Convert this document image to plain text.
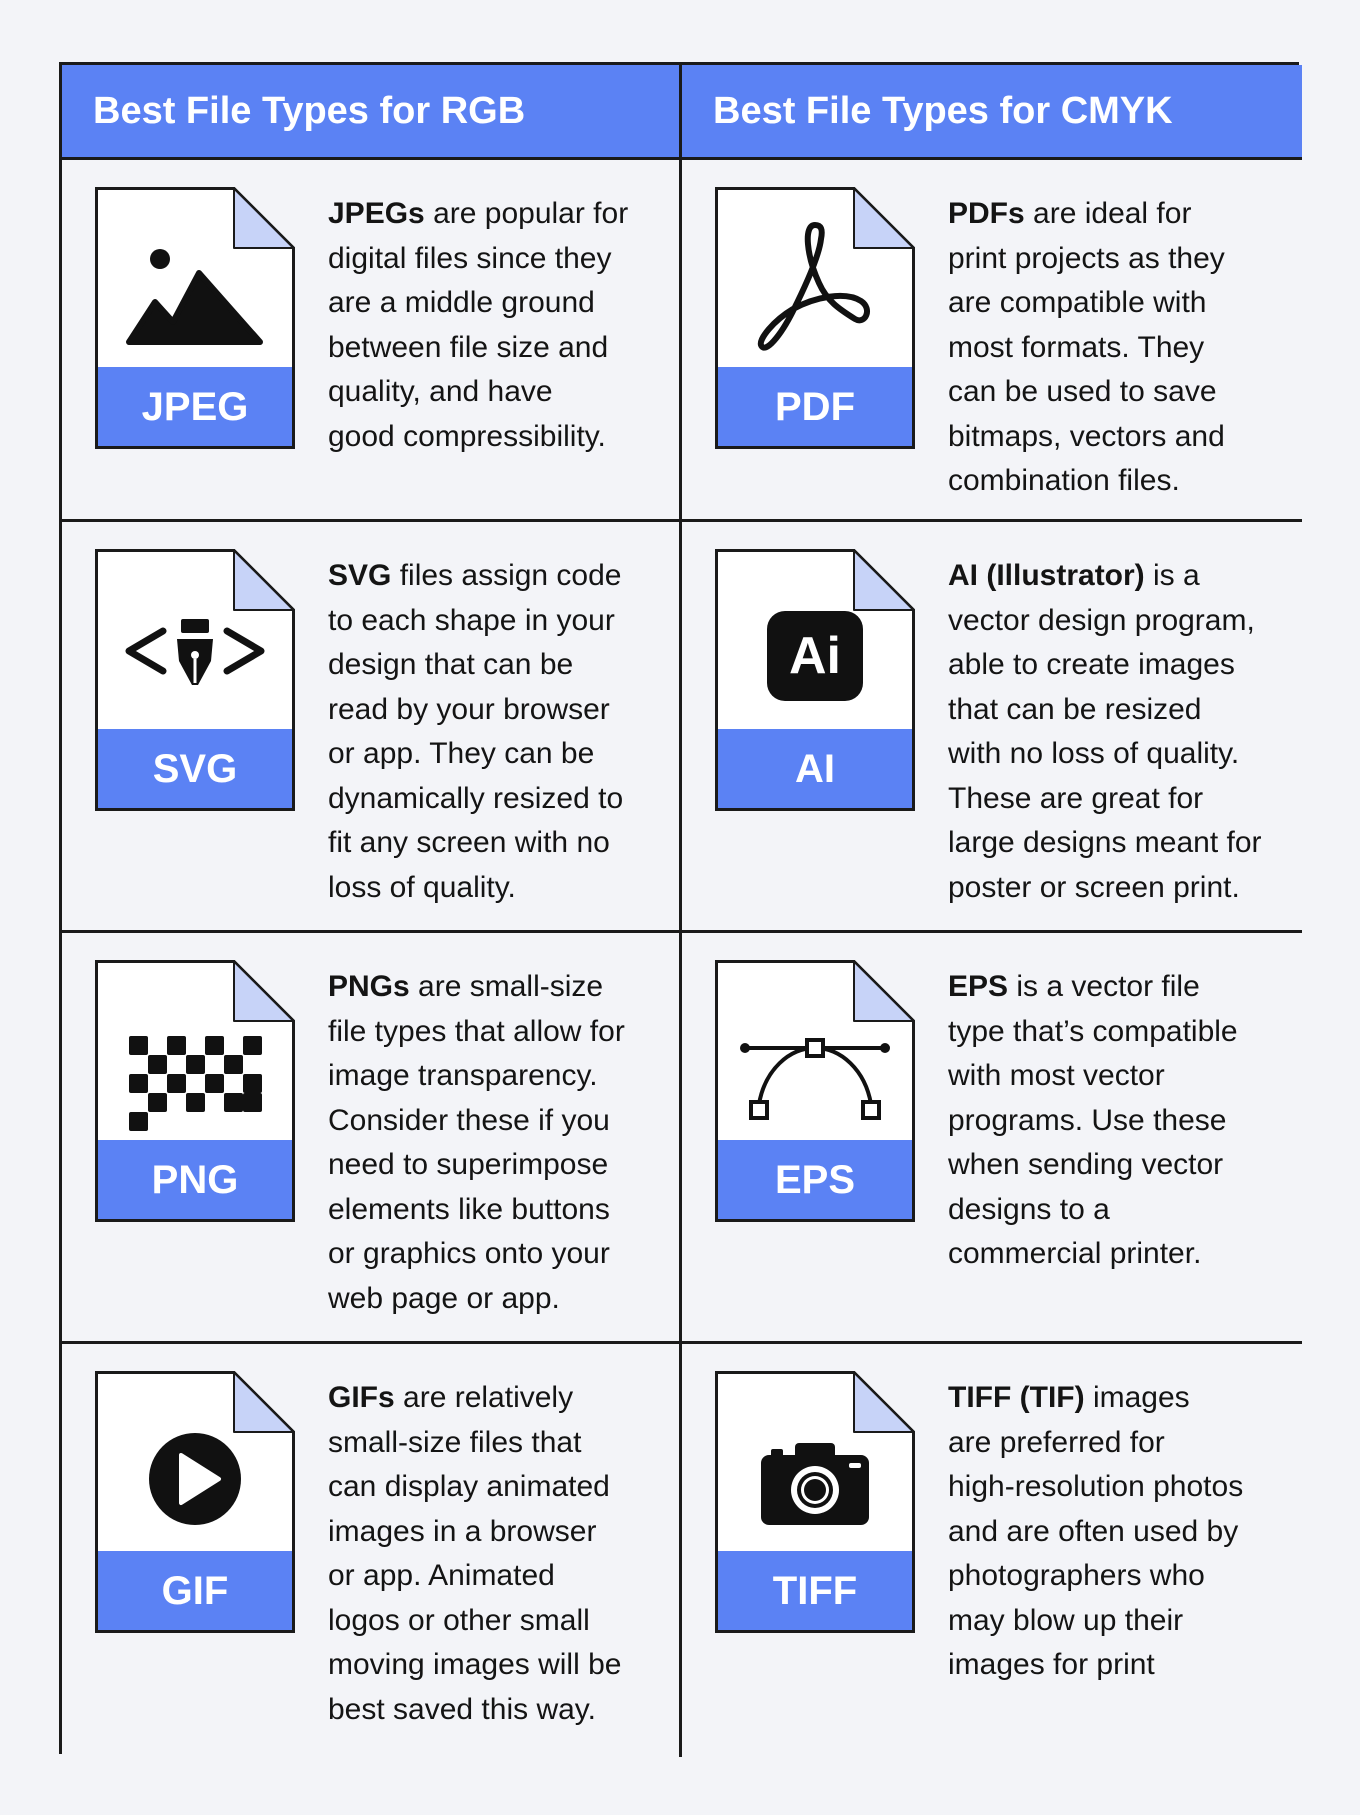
Best File Types for RGB	Best File Types for CMYK
JPEG

JPEGs are popular for
digital files since they
are a middle ground
between file size and
quality, and have
good compressibility.

PDF

PDFs are ideal for
print projects as they
are compatible with
most formats. They
can be used to save
bitmaps, vectors and
combination files.

SVG

SVG files assign code
to each shape in your
design that can be
read by your browser
or app. They can be
dynamically resized to
fit any screen with no
loss of quality.

Ai
AI

AI (Illustrator) is a
vector design program,
able to create images
that can be resized
with no loss of quality.
These are great for
large designs meant for
poster or screen print.

PNG

PNGs are small-size
file types that allow for
image transparency.
Consider these if you
need to superimpose
elements like buttons
or graphics onto your
web page or app.

EPS

EPS is a vector file
type that’s compatible
with most vector
programs. Use these
when sending vector
designs to a
commercial printer.

GIF

GIFs are relatively
small-size files that
can display animated
images in a browser
or app. Animated
logos or other small
moving images will be
best saved this way.

TIFF

TIFF (TIF) images
are preferred for
high-resolution photos
and are often used by
photographers who
may blow up their
images for print
